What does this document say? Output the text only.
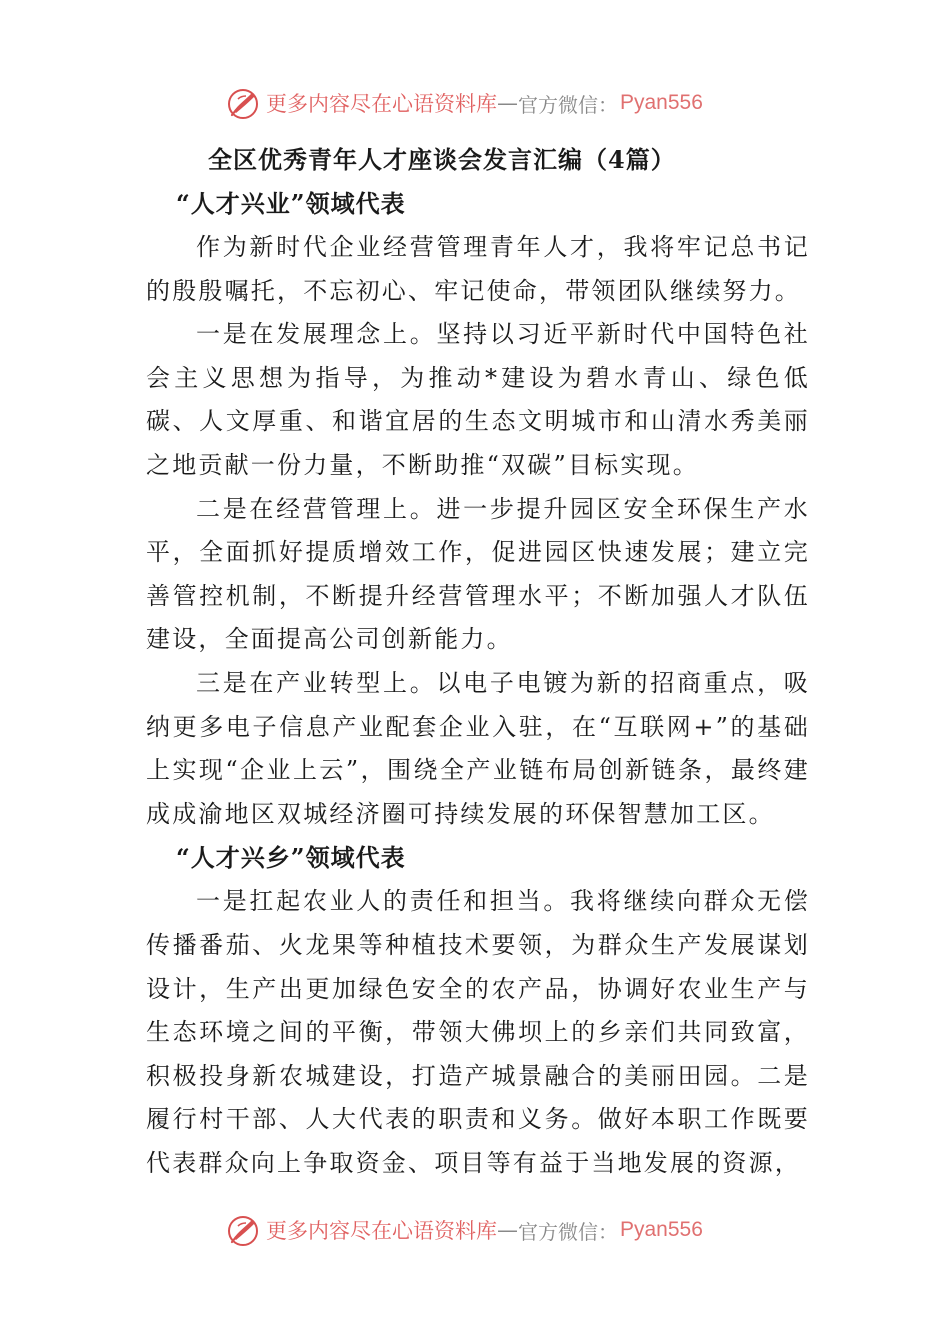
更多内容尽在心语资料库 — 官方微信： Pyan556
全区优秀青年人才座谈会发言汇编（4篇）
“人才兴业”领域代表

作为新时代企业经营管理青年人才，我将牢记总书记的殷殷嘱托，不忘初心、牢记使命，带领团队继续努力。

一是在发展理念上。坚持以习近平新时代中国特色社会主义思想为指导，为推动*建设为碧水青山、绿色低碳、人文厚重、和谐宜居的生态文明城市和山清水秀美丽之地贡献一份力量，不断助推“双碳”目标实现。

二是在经营管理上。进一步提升园区安全环保生产水平，全面抓好提质增效工作，促进园区快速发展；建立完善管控机制，不断提升经营管理水平；不断加强人才队伍建设，全面提高公司创新能力。

三是在产业转型上。以电子电镀为新的招商重点，吸纳更多电子信息产业配套企业入驻，在“互联网+”的基础上实现“企业上云”，围绕全产业链布局创新链条，最终建成成渝地区双城经济圈可持续发展的环保智慧加工区。

“人才兴乡”领域代表

一是扛起农业人的责任和担当。我将继续向群众无偿传播番茄、火龙果等种植技术要领，为群众生产发展谋划设计，生产出更加绿色安全的农产品，协调好农业生产与生态环境之间的平衡，带领大佛坝上的乡亲们共同致富，积极投身新农城建设，打造产城景融合的美丽田园。二是履行村干部、人大代表的职责和义务。做好本职工作既要代表群众向上争取资金、项目等有益于当地发展的资源，

更多内容尽在心语资料库 — 官方微信： Pyan556
